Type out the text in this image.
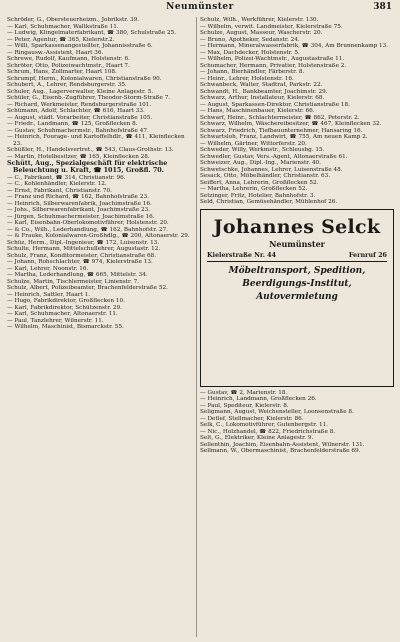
Neumünster	381

Schröder, G., Obersteuerheizm., Jobrikstr. 39.

— Karl, Schuhmacher, Waltkstraße 11.

— Ludwig, Klingelmaterfabrikant, ☎ 380, Schulstraße 25.

— Peter, Agentur, ☎ 365, Kielerstr.2.

— Willi, Sparkassenangestellter, Johannisstraße 6.

— Ringausw.-Assistent, Haart 36.

Schrewe, Rudolf, Kaufmann, Holstenstr. 6.

Schröter, Otto, Polizeiwachtmstr., Haart 7.

Schrum, Hans, Zollmarter, Haart 108.

Schrumpf, Herm., Kolonialwaren, Christianstraße 90.

Schubert, A., Lehrer, Rendsburgerstr. 35.

Schuler, Aug., Lagerverwalter, Kleine Anlagestr. 5.

Schüler, G., Eisenb.-Zugführer, Theodor-Storm-Straße 7.

— Richard, Werkmeister, Rendsburgerstraße 101.

Schümann, Adolf, Schlachter, ☎ 616, Haart 33.

— August, städt. Vorarbeiter, Christianstraße 105.

— Friedr., Landmann, ☎ 125, Großflecken 8.

— Gustav, Schuhmachermstr., Bahnhofstraße 47.

— Heinrich, Fourage- und Kartoffelhdlr., ☎ 411, Kleinflecken 23.

Schüßler, H., Handelsvertret., ☎ 543, Claus-Grothstr. 13.

— Martin, Hotelbesitzer, ☎ 165, Kleinflecken 28.

Schütt, Aug., Spezialgeschäft für elektrische Beleuchtung u. Kraft, ☎ 1015, Großfl. 70.

— C., Fabrikant, ☎ 314, Christianstr. 96.

— C., Kohlenhändler, Kielerstr. 12.

— Ernst, Fabrikant, Christianstr. 70.

— Franz und Richard, ☎ 162, Bahnhofstraße 23.

— Heinrich, Silberwarenfabrik, Joachimstraße 16.

— Johs., Silberwarenfabrikant, Joachimstraße 23.

— Jürgen, Schuhmachermeister, Joachimstraße 16.

— Karl, Eisenbahn-Oberlokomotivführer, Holstenstr. 20.

— & Co., Wilh., Lederhandlung, ☎ 162, Bahnhofstr. 27.

— & Frauke, Kolonialwaren-Großhdlg., ☎ 200, Altonaerstr. 29.

Schüz, Herm., Dipl.-Ingenieur, ☎ 172, Luisenstr. 13.

Schulte, Hermann, Mittelschullehrer, Augustastr. 12.

Schulz, Franz, Konditormeister, Christianstraße 68.

— Johann, Rohschlachter, ☎ 974, Kielerstraße 13.

— Karl, Lehrer, Noonstr. 16.

— Martha, Lederhandlung, ☎ 665, Mittelstr. 34.

Schulze, Martin, Tischlermeister, Linienstr. 7.

Schulz, Albert, Polizeibeamter, Brachenfelderstraße 52.

— Heinrich, Sattler, Haart 1.

— Hugo, Fabrikdirektor, Großflecken 10.

— Karl, Fabrikdirektor, Schützenstr. 29.

— Karl, Schuhmacher, Altonaerstr. 11.

— Paul, Tanzlehrer, Wilnerstr. 11.

— Wilhelm, Maschinist, Bismarckstr. 55.

Schulz, Wilh., Werkführer, Kielerstr. 130.

— Wilhelm, verwit. Landmeister, Kielerstraße 75.

Schulze, August, Masseur, Wascherstr. 20.

— Bruno, Apotheker, Sedanstr. 24.

— Hermann, Mineralwasserfabrik, ☎ 304, Am Brunnenkamp 13.

— Max, Dachdecker, Holstenstr. 5.

— Wilhelm, Polizei-Wachtmstr., Augustastraße 11.

Schumacher, Hermann, Privatier, Holstenstraße 2.

— Johann, Bierhändler, Färberstr. 8.

— Heinr., Lehrer, Holstenstr. 16.

Schwanbeck, Walter, Stadtrat, Parkstr. 22.

Schwandt, H., Bankbeamter, Joachimstr. 29.

Schwarz, Arthur, Installateur, Kielerstr. 68.

— August, Sparkassen-Direktor, Christianstraße 18.

— Hans, Maschinenbauer, Kielerstr. 66.

Schwarf, Heinr., Schlachtermeister, ☎ 862, Peterstr. 2.

Schwarz, Wilhelm, Wäschereibesitzer, ☎ 467, Kleinflecken 32.

Schwarz, Friedrich, Tiefbauunternehmer, Hansaring 16.

Schwartsloh, Franz, Landwirt, ☎ 755, Am neuen Kamp 2.

— Wilhelm, Gärtner, Wittorferstr. 20.

Schweder, Willy, Werkmstr., Schleusbg. 15.

Schwedler, Gustav, Vers.-Agent, Altonaerstraße 61.

Schweizer, Aug., Dipl.-Ing., Marienstr. 40.

Schwetschke, Johannes, Lehrer, Luisenstraße 48.

Sesack, Otto, Möbelhändler, Christianstr. 63.

Seiffert, Anna, Lehrerin, Großflecken 52.

— Martha, Lehrerin, Großflecken 52.

Setzinger, Fritz, Hotelier, Bahnhofstr. 3.

Seld, Christian, Gemüsehändler, Mühlenhof 26.

Johannes Selck
Neumünster
Kielerstraße Nr. 44	Fernruf 26
Möbeltransport, Spedition,
Beerdigungs-Institut,
Autovermietung

— Gustav, ☎ 2, Marienstr. 18.

— Heinrich, Landmann, Großflecken 26.

— Paul, Spediteur, Kielerstr. 8.

Seligmann, August, Weichensteller, Loonsenstraße 8.

— Detlef, Stellmacher, Kielerstr. 86.

Selk, C., Lokomotivführer, Gutenbergstr. 11.

— Nic., Holzhandel, ☎ 822, Friedrichstraße 8.

Selt, G., Elektriker, Kleine Anlagestr. 9.

Sellenthin, Joachim, Eisenbahn-Assistent, Wilnerstr. 131.

Sellmann, W., Obermaschinist, Brachenfelderstraße 69.
